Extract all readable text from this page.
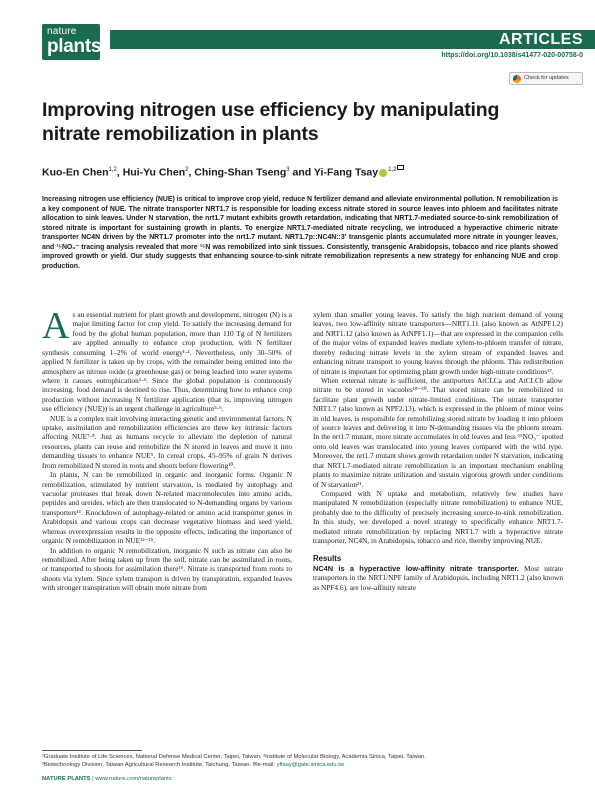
nature
plants	ARTICLES
https://doi.org/10.1038/s41477-020-00758-0
Check for updates
Improving nitrogen use efficiency by manipulating nitrate remobilization in plants
Kuo-En Chen$^{1,2}$, Hui-Yu Chen$^2$, Ching-Shan Tseng$^3$ and Yi-Fang Tsay $^{1,2}$

Increasing nitrogen use efficiency (NUE) is critical to improve crop yield, reduce N fertilizer demand and alleviate environmental pollution. N remobilization is a key component of NUE. The nitrate transporter NRT1.7 is responsible for loading excess nitrate stored in source leaves into phloem and facilitates nitrate allocation to sink leaves. Under N starvation, the nrt1.7 mutant exhibits growth retardation, indicating that NRT1.7-mediated source-to-sink remobilization of stored nitrate is important for sustaining growth in plants. To energize NRT1.7-mediated nitrate recycling, we introduced a hyperactive chimeric nitrate transporter NC4N driven by the NRT1.7 promoter into the nrt1.7 mutant. NRT1.7p::NC4N::3' transgenic plants accumulated more nitrate in younger leaves, and ¹⁵NO₃⁻ tracing analysis revealed that more ¹⁵N was remobilized into sink tissues. Consistently, transgenic Arabidopsis, tobacco and rice plants showed improved growth or yield. Our study suggests that enhancing source-to-sink nitrate remobilization represents a new strategy for enhancing NUE and crop production.

As an essential nutrient for plant growth and development, nitrogen (N) is a major limiting factor for crop yield. To satisfy the increasing demand for food by the global human population, more than 110 Tg of N fertilizers are applied annually to enhance crop production, with N fertilizer synthesis consuming 1–2% of world energy¹·². Nevertheless, only 30–50% of applied N fertilizer is taken up by crops, with the remainder being emitted into the atmosphere as nitrous oxide (a greenhouse gas) or being leached into water systems where it causes eutrophication³·⁴. Since the global population is continuously increasing, food demand is destined to rise. Thus, determining how to enhance crop production without increasing N fertilizer application (that is, improving nitrogen use efficiency (NUE)) is an urgent challenge in agriculture⁵·⁶.

NUE is a complex trait involving interacting genetic and environmental factors. N uptake, assimilation and remobilization efficiencies are three key intrinsic factors affecting NUE⁷·⁸. Just as humans recycle to alleviate the depletion of natural resources, plants can reuse and remobilize the N stored in leaves and move it into demanding tissues to enhance NUE⁹. In cereal crops, 45–95% of grain N derives from remobilized N stored in roots and shoots before flowering¹⁰.

In plants, N can be remobilized in organic and inorganic forms. Organic N remobilization, stimulated by nutrient starvation, is mediated by autophagy and vacuolar proteases that break down N-related macromolecules into amino acids, peptides and ureides, which are then translocated to N-demanding organs by various transporters¹¹. Knockdown of autophagy-related or amino acid transporter genes in Arabidopsis and various crops can decrease vegetative biomass and seed yield, whereas overexpression results in the opposite effects, indicating the importance of organic N remobilization in NUE¹²⁻¹⁵.

In addition to organic N remobilization, inorganic N such as nitrate can also be remobilized. After being taken up from the soil, nitrate can be assimilated in roots, or transported to shoots for assimilation there¹⁶. Nitrate is transported from roots to shoots via xylem. Since xylem transport is driven by transpiration, expanded leaves with stronger transpiration will obtain more nitrate from

xylem than smaller young leaves. To satisfy the high nutrient demand of young leaves, two low-affinity nitrate transporters—NRT1.11 (also known as AtNPF1.2) and NRT1.12 (also known as AtNPF1.1)—that are expressed in the companion cells of the major veins of expanded leaves mediate xylem-to-phloem transfer of nitrate, thereby reducing nitrate levels in the xylem stream of expanded leaves and enhancing nitrate transport to young leaves through the phloem. This redistribution of nitrate is important for optimizing plant growth under high-nitrate conditions¹⁷.

When external nitrate is sufficient, the antiporters AtCLCa and AtCLCb allow nitrate to be stored in vacuoles¹⁸⁻²⁰. That stored nitrate can be remobilized to facilitate plant growth under nitrate-limited conditions. The nitrate transporter NRT1.7 (also known as NPF2.13), which is expressed in the phloem of minor veins in old leaves, is responsible for remobilizing stored nitrate by loading it into phloem of source leaves and delivering it into N-demanding tissues via the phloem stream. In the nrt1.7 mutant, more nitrate accumulates in old leaves and less ¹⁵NO₃⁻ spotted onto old leaves was translocated into young leaves compared with the wild type. Moreover, the nrt1.7 mutant shows growth retardation under N starvation, indicating that NRT1.7-mediated nitrate remobilization is an important mechanism enabling plants to maximize nitrate utilization and sustain vigorous growth under conditions of N starvation²¹.

Compared with N uptake and metabolism, relatively few studies have manipulated N remobilization (especially nitrate remobilization) to enhance NUE, probably due to the difficulty of precisely increasing source-to-sink remobilization. In this study, we developed a novel strategy to specifically enhance NRT1.7-mediated nitrate remobilization by replacing NRT1.7 with a hyperactive nitrate transporter, NC4N, in Arabidopsis, tobacco and rice, thereby improving NUE.

Results

NC4N is a hyperactive low-affinity nitrate transporter. Most nitrate transporters in the NRT1/NPF family of Arabidopsis, including NRT1.2 (also known as NPF4.6), are low-affinity nitrate

¹Graduate Institute of Life Sciences, National Defense Medical Center, Taipei, Taiwan. ²Institute of Molecular Biology, Academia Sinica, Taipei, Taiwan.
³Biotechnology Division, Taiwan Agricultural Research Institute, Taichung, Taiwan. ✉e-mail: yftsay@gate.sinica.edu.tw
NATURE PLANTS | www.nature.com/natureplants
